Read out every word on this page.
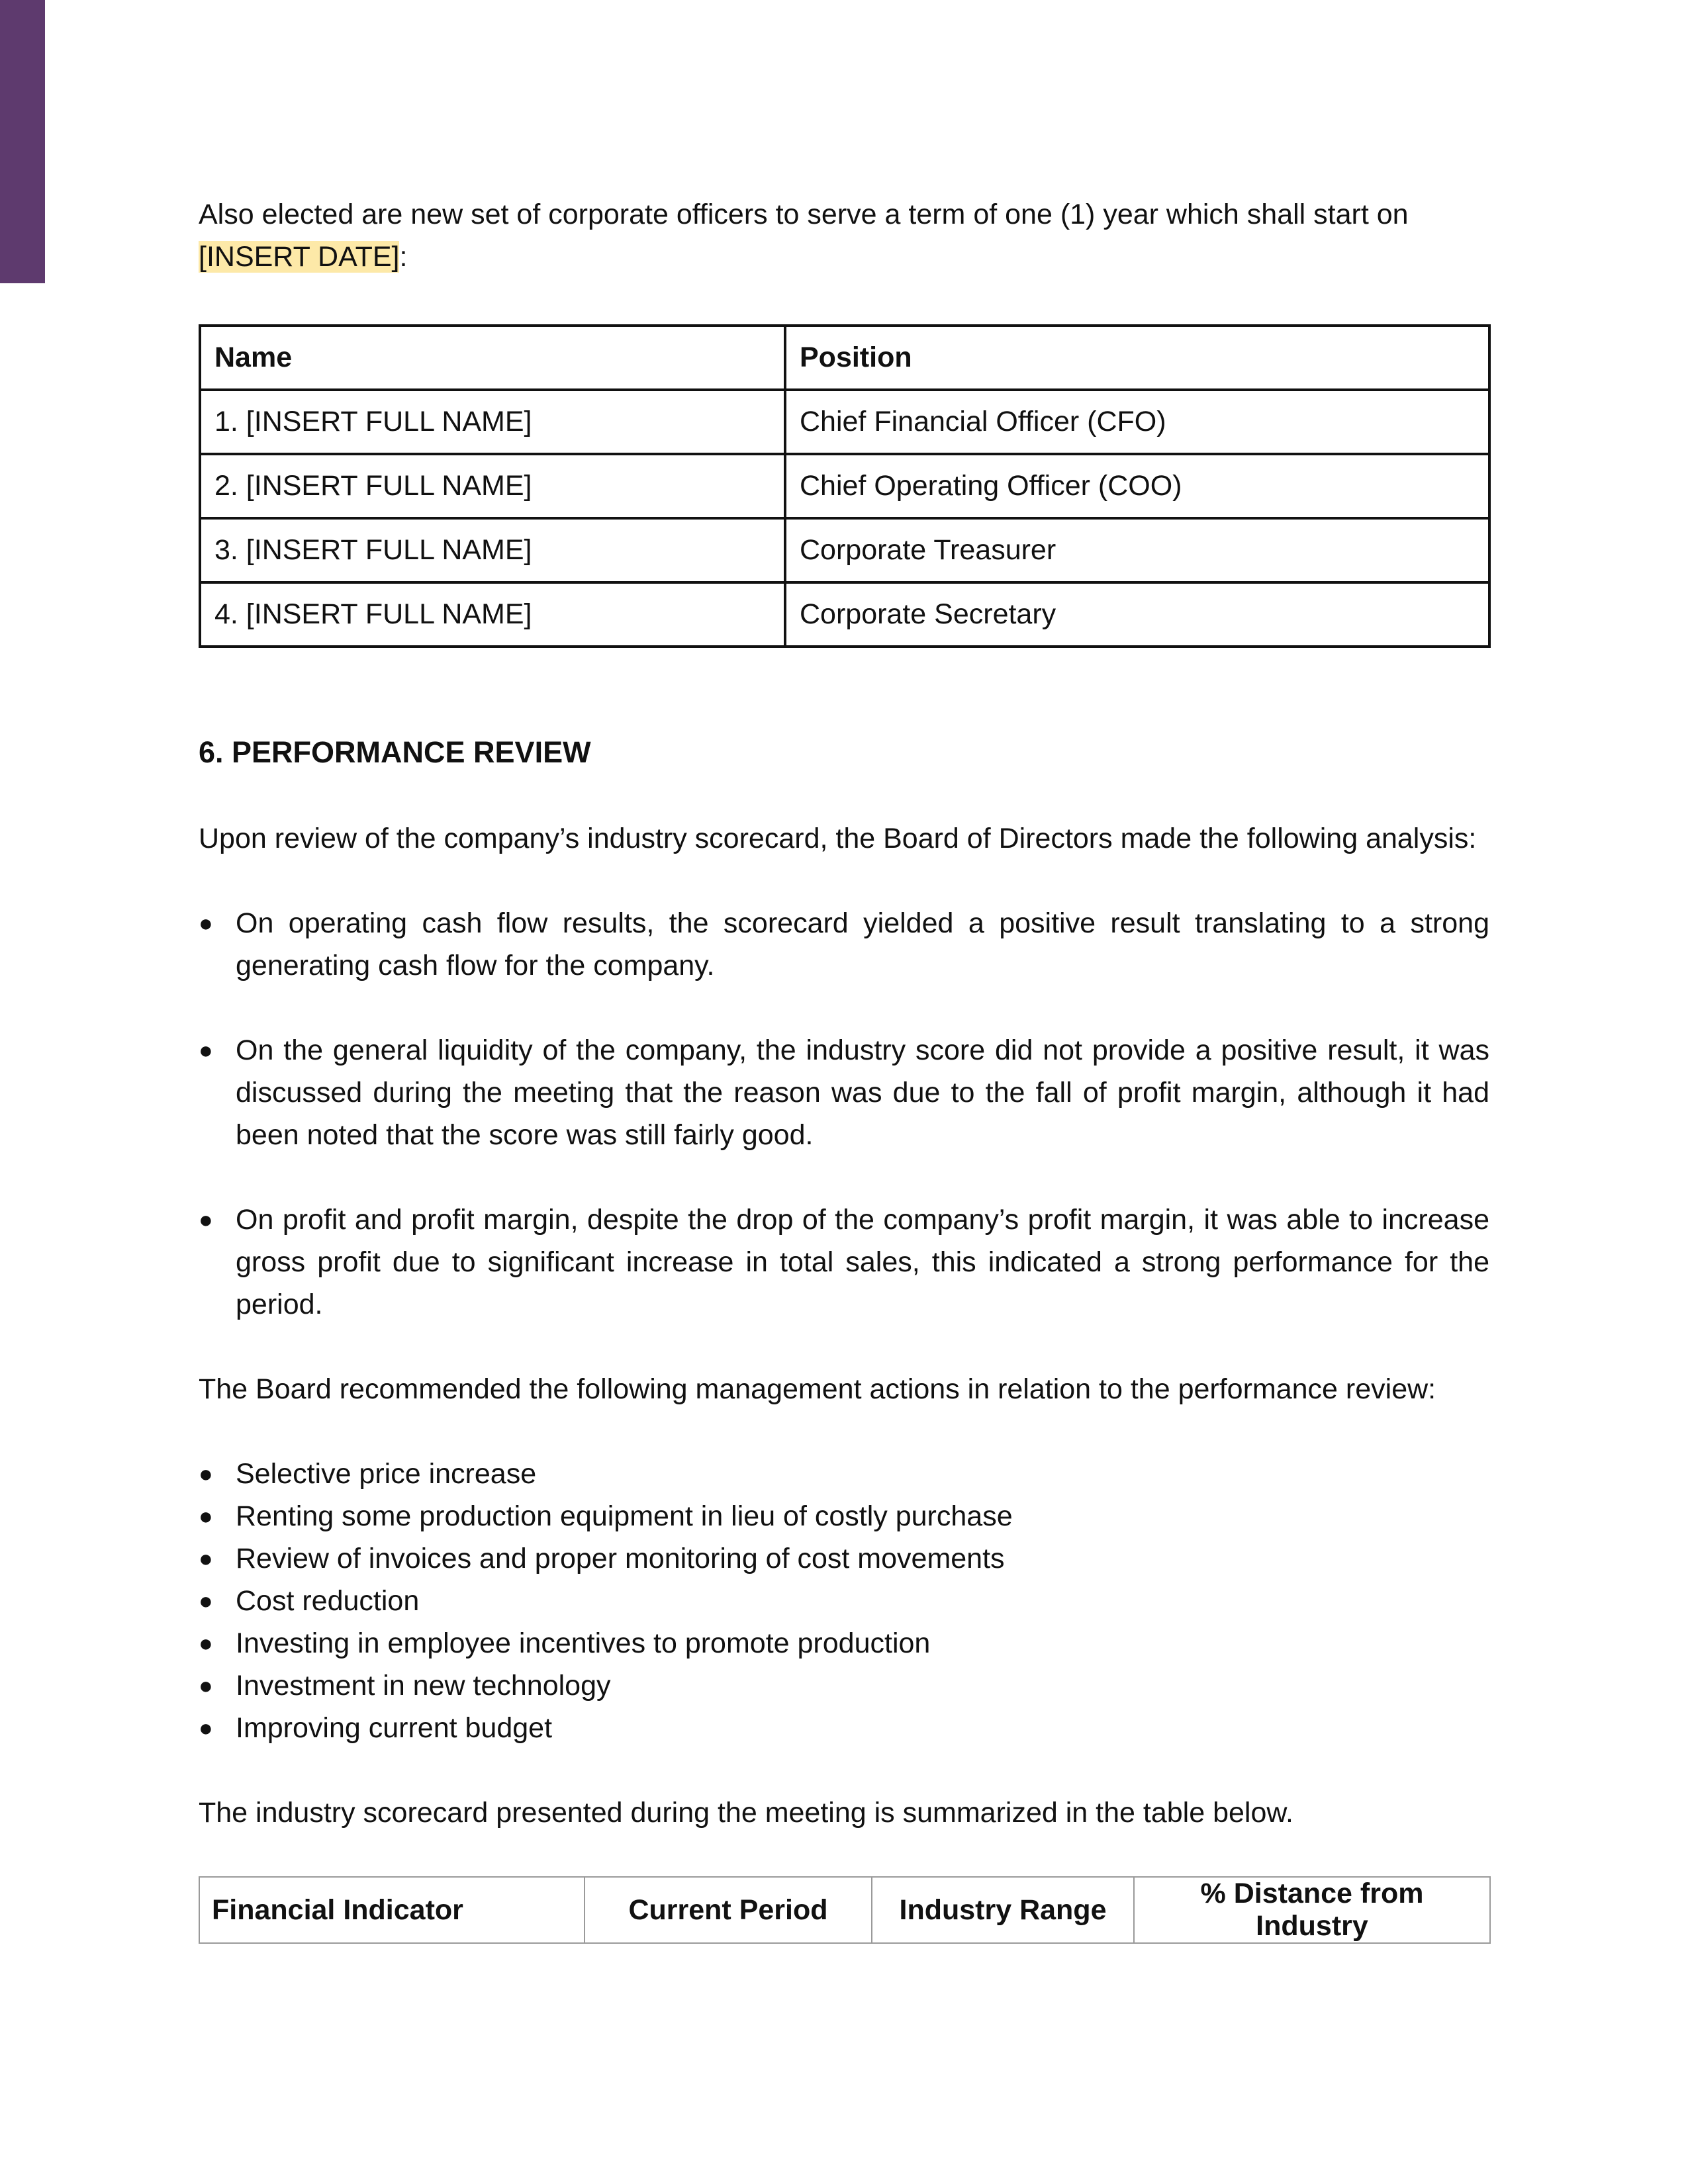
Also elected are new set of corporate officers to serve a term of one (1) year which shall start on [INSERT DATE]:

Name	Position
1. [INSERT FULL NAME]	Chief Financial Officer (CFO)
2. [INSERT FULL NAME]	Chief Operating Officer (COO)
3. [INSERT FULL NAME]	Corporate Treasurer
4. [INSERT FULL NAME]	Corporate Secretary

6. PERFORMANCE REVIEW

Upon review of the company’s industry scorecard, the Board of Directors made the following analysis:

● On operating cash flow results, the scorecard yielded a positive result translating to a strong generating cash flow for the company.
● On the general liquidity of the company, the industry score did not provide a positive result, it was discussed during the meeting that the reason was due to the fall of profit margin, although it had been noted that the score was still fairly good.
● On profit and profit margin, despite the drop of the company’s profit margin, it was able to increase gross profit due to significant increase in total sales, this indicated a strong performance for the period.

The Board recommended the following management actions in relation to the performance review:

● Selective price increase
● Renting some production equipment in lieu of costly purchase
● Review of invoices and proper monitoring of cost movements
● Cost reduction
● Investing in employee incentives to promote production
● Investment in new technology
● Improving current budget

The industry scorecard presented during the meeting is summarized in the table below.

Financial Indicator	Current Period	Industry Range	% Distance from Industry
